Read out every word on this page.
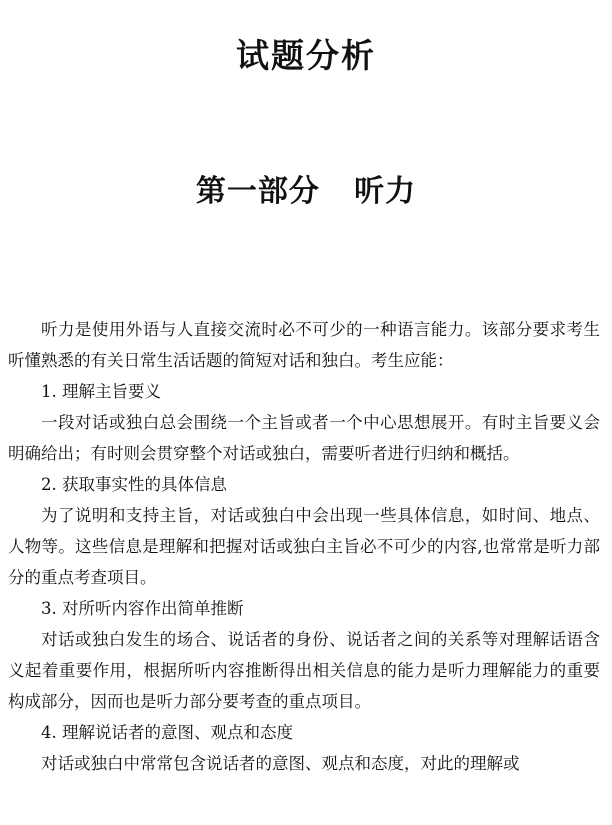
试题分析
第一部分   听力

听力是使用外语与人直接交流时必不可少的一种语言能力。该部分要求考生听懂熟悉的有关日常生活话题的简短对话和独白。考生应能：

1. 理解主旨要义

一段对话或独白总会围绕一个主旨或者一个中心思想展开。有时主旨要义会明确给出；有时则会贯穿整个对话或独白，需要听者进行归纳和概括。

2. 获取事实性的具体信息

为了说明和支持主旨，对话或独白中会出现一些具体信息，如时间、地点、人物等。这些信息是理解和把握对话或独白主旨必不可少的内容,也常常是听力部分的重点考查项目。

3. 对所听内容作出简单推断

对话或独白发生的场合、说话者的身份、说话者之间的关系等对理解话语含义起着重要作用，根据所听内容推断得出相关信息的能力是听力理解能力的重要构成部分，因而也是听力部分要考查的重点项目。

4. 理解说话者的意图、观点和态度

对话或独白中常常包含说话者的意图、观点和态度，对此的理解或
